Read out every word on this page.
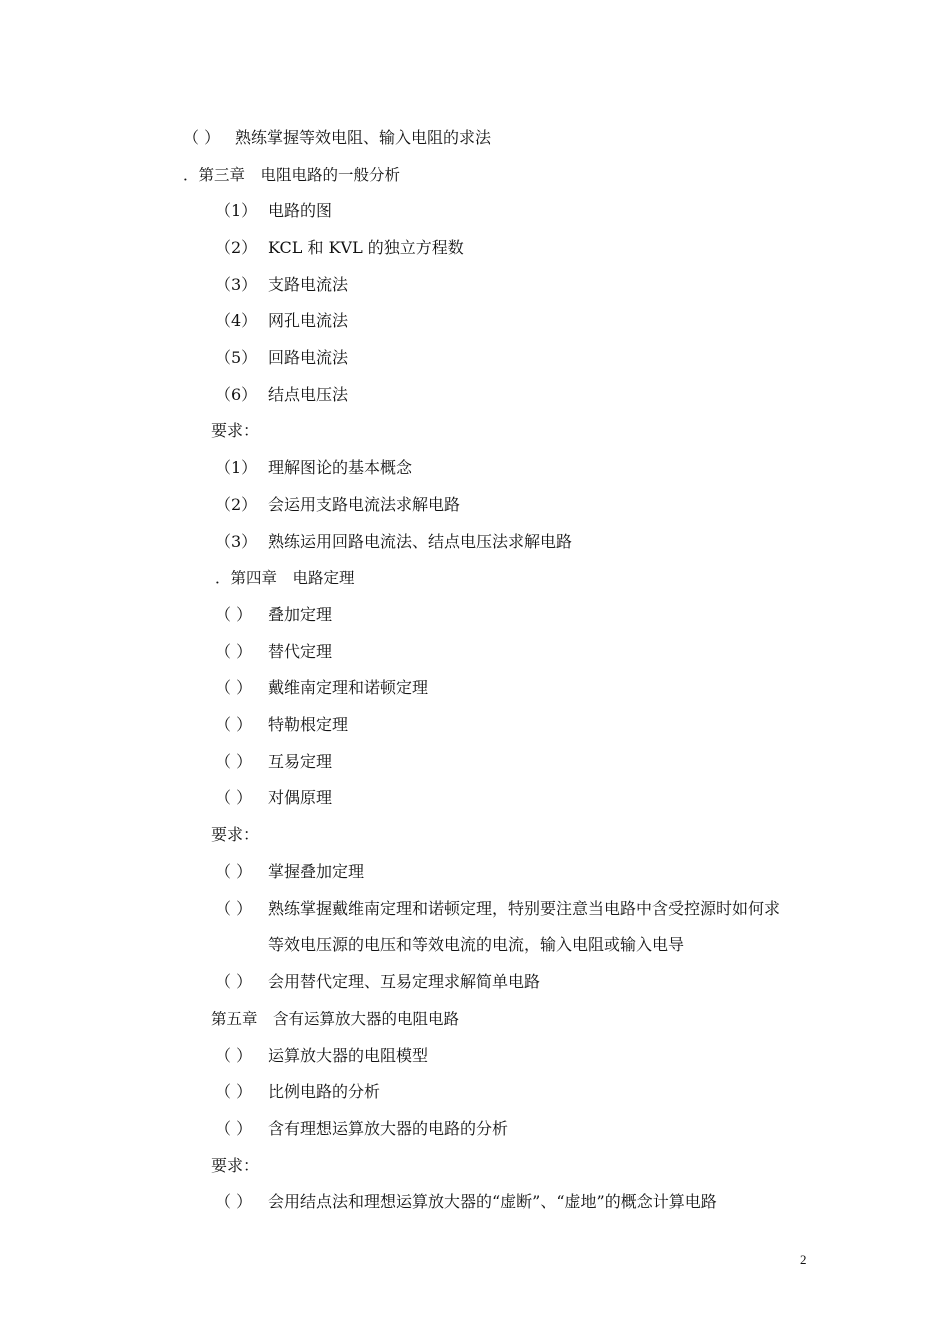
（ ） 熟练掌握等效电阻、输入电阻的求法
．第三章　电阻电路的一般分析
（1） 电路的图
（2） KCL 和 KVL 的独立方程数
（3） 支路电流法
（4） 网孔电流法
（5） 回路电流法
（6） 结点电压法
要求：
（1） 理解图论的基本概念
（2） 会运用支路电流法求解电路
（3） 熟练运用回路电流法、结点电压法求解电路
．第四章　电路定理
（ ） 叠加定理
（ ） 替代定理
（ ） 戴维南定理和诺顿定理
（ ） 特勒根定理
（ ） 互易定理
（ ） 对偶原理
要求：
（ ） 掌握叠加定理
（ ） 熟练掌握戴维南定理和诺顿定理，特别要注意当电路中含受控源时如何求
等效电压源的电压和等效电流的电流，输入电阻或输入电导
（ ） 会用替代定理、互易定理求解简单电路
第五章　含有运算放大器的电阻电路
（ ） 运算放大器的电阻模型
（ ） 比例电路的分析
（ ） 含有理想运算放大器的电路的分析
要求：
（ ） 会用结点法和理想运算放大器的“虚断”、“虚地”的概念计算电路
2
